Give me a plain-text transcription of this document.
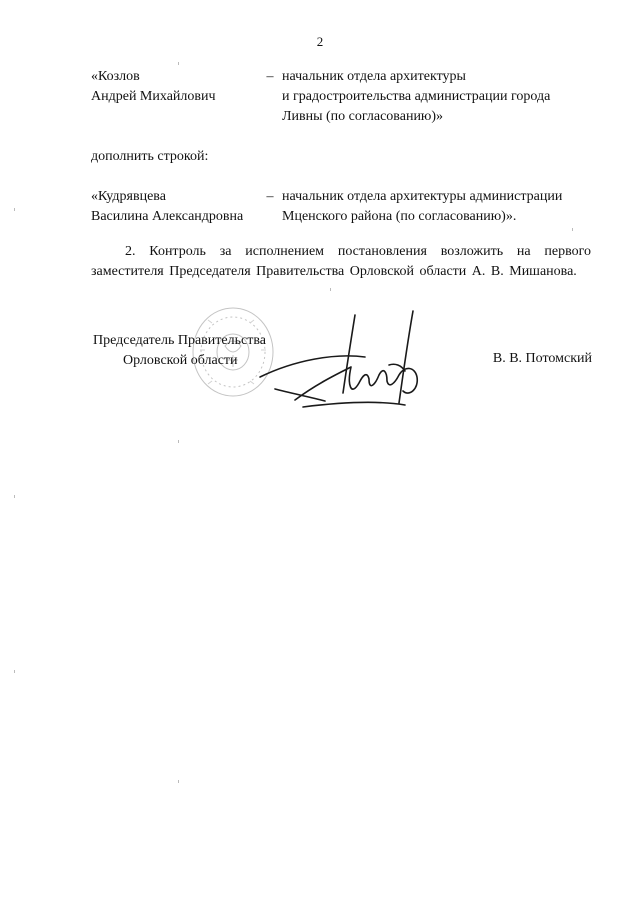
2
«Козлов
Андрей Михайлович
– начальник отдела архитектуры
и градостроительства администрации города
Ливны (по согласованию)»
дополнить строкой:
«Кудрявцева
Василина Александровна
– начальник отдела архитектуры администрации
Мценского района (по согласованию)».
2. Контроль за исполнением постановления возложить на первого заместителя Председателя Правительства Орловской области А. В. Мишанова.
Председатель Правительства
Орловской области	В. В. Потомский
